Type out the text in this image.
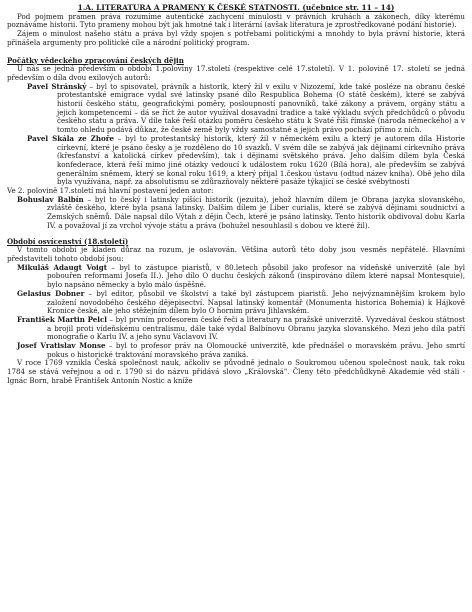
1.A. LITERATURA A PRAMENY K ČESKÉ STATNOSTI. (učebnice str. 11 – 14)

Pod pojmem pramen práva rozumíme autentické zachycení minulosti v právních kruhách a zákonech, díky kterému poznáváme historii. Tyto prameny mohou být jak hmotné tak i literární (avšak literatura je zprostředkované podání historie).

Zájem o minulost našeho státu a práva byl vždy spojen s potřebami politickými a mnohdy to byla právní historie, která přinášela argumenty pro politické cíle a národní politický program.

Počátky vědeckého zpracování českých dějin

U nás se jedná především o období 1.poloviny 17.století (respektive celé 17.století). V 1. polovině 17. století se jedná především o díla dvou exilových autorů:

Pavel Stránský – byl to spisovatel, právník a historik, který žil v exilu v Nizozemí, kde také posléze na obranu české protestantské emigrace vydal své latinsky psané dílo Respublica Bohema (O státě českém), které se zabývá historií českého státu, geografickými poměry, posloupností panovníků, také zákony a právem, orgány státu a jejich kompetencemi – dá se říct že autor využíval dosavadní tradice a také výkladu svých předchůdců o původu českého státu a práva. V díle také řeší otázku poměru českého státu k Svaté říši římské (národa německého) a v tomto ohledu podává důkaz, že české země byly vždy samostatné a jejich právo pochází přímo z nich.

Pavel Skála ze Zhoře – byl to protestantský historik, který žil v německém exilu a který je autorem díla Historie církevní, které je psáno česky a je rozděleno do 10 svazků. V svém díle se zabývá jak dějinami církevního práva (křesťanství a katolická církev především), tak i dějinami světského práva. Jeho dalším dílem byla Česká konfederace, která řeší mimo jiné otázky vedoucí k událostem roku 1620 (Bílá hora), ale především se zabývá generálním sněmem, který se konal roku 1619, a který přijal 1.českou ústavu (odtud název kniha). Obě jeho díla byla využívána, např. za absolutismu se zdůrazňovaly některé pasáže týkající se české svébytnosti

Ve 2. polovině 17.století má hlavní postavení jeden autor:

Bohuslav Balbín – byl to český i latinsky píšící historik (jezuita), jehož hlavním dílem je Obrana jazyka slovanského, zvláště českého, které byla psaná latinsky. Dalším dílem je Liber curialis, které se zabývá dějinami soudnictví a Zemských sněmů. Dále napsal dílo Výtah z dějin Čech, které je psáno latinsky. Tento historik obdivoval dobu Karla IV. a považoval jí za vrchol vývoje státu a práva (bohužel nesouhlasil s dobou ve které žil).

Období osvícenství (18.století)

V tomto období je kladen důraz na rozum, je oslavován. Většina autorů této doby jsou vesměs nepřátelé. Hlavními představiteli tohoto období jsou:

Mikuláš Adaugt Voigt – byl to zástupce piaristů, v 80.letech působil jako profesor na vídeňské univerzitě (ale byl pobouřen reformami Josefa II.). Jeho dílo O duchu českých zákonů (inspirováno dílem které napsal Montesquie), bylo napsáno německy a bylo málo úspěšné.

Gelasius Dobner – byl editor, působil ve školství a také byl zástupcem piaristů. Jeho nejvýznamnějším krokem bylo založení novodobého českého dějepisectví. Napsal latinský komentář (Monumenta historica Bohemia) k Hájkově Kronice české, ale jeho stěžejním dílem bylo O hornim právu Jihlavském.

František Martin Pelcl – byl prvním profesorem české řeči a literatury na pražské univerzitě. Vyzvedával českou státnost a brojil proti vídeňskému centralismu, dále také vydal Balbínovu Obranu jazyka slovanského. Mezi jeho díla patří monografie o Karlu IV. a jeho synu Václavovi IV.

Josef Vratislav Monse – byl to profesor práv na Olomoucké univerzitě, kde přednášel o moravském právu. Jeho smrtí pokus o historické traktování moravského práva zaniká.

V roce 1769 vznikla Česká společnost nauk, ačkoliv se původně jednalo o Soukromou učenou společnost nauk, tak roku 1784 se stává veřejnou a od r. 1790 si do názvu přidává slovo „Královská". Členy této předchůdkyně Akademie věd stáli - Ignác Born, hrabě František Antonín Nostic a kníže
